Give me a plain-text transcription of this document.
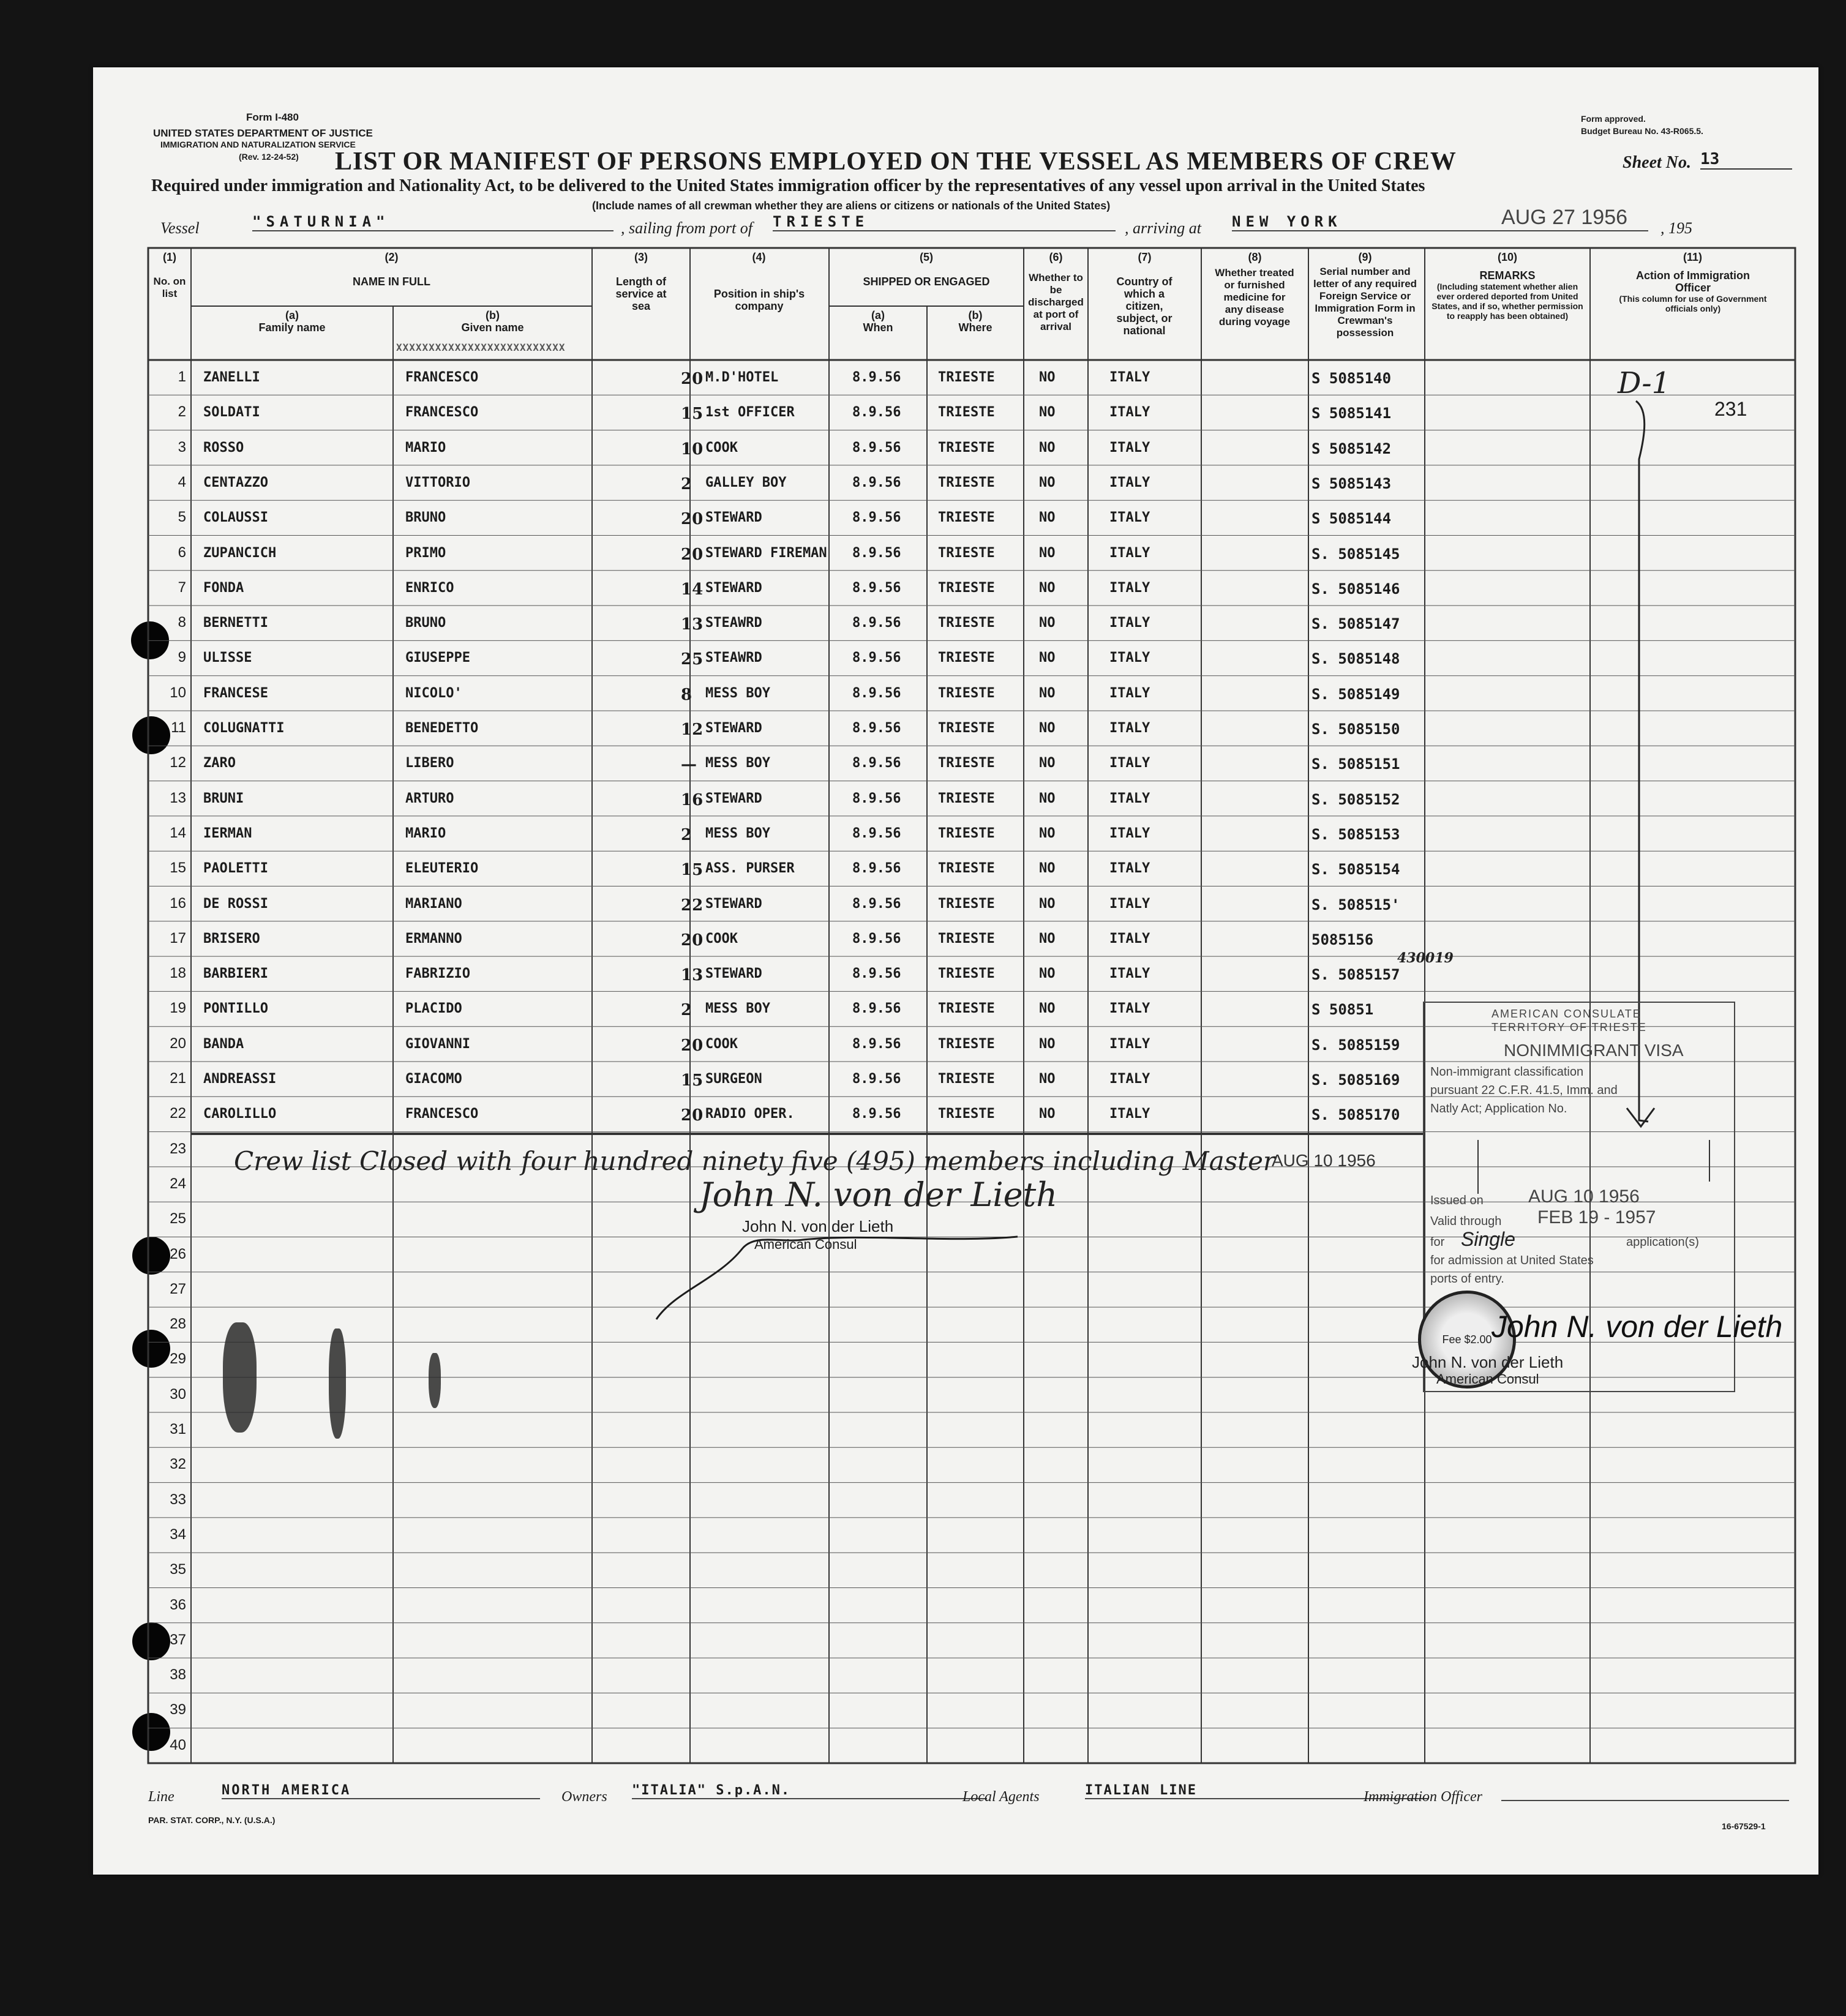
Form I-480
UNITED STATES DEPARTMENT OF JUSTICE
IMMIGRATION AND NATURALIZATION SERVICE
(Rev. 12-24-52)
Form approved.
Budget Bureau No. 43-R065.5.
LIST OR MANIFEST OF PERSONS EMPLOYED ON THE VESSEL AS MEMBERS OF CREW	Sheet No. 13
Required under immigration and Nationality Act, to be delivered to the United States immigration officer by the representatives of any vessel upon arrival in the United States
(Include names of all crewman whether they are aliens or citizens or nationals of the United States)
Vessel	"SATURNIA"	, sailing from port of TRIESTE	, arriving at NEW YORK	AUG 27 1956 , 195
(1)
No. on list
(2)
NAME IN FULL
(a)
Family name
(b)
Given name
(3)
Length of service at sea
(4)
Position in ship's company
(5)
SHIPPED OR ENGAGED
(a)
When
(b)
Where
(6)
Whether to be discharged at port of arrival
(7)
Country of which a citizen, subject, or national
(8)
Whether treated or furnished medicine for any disease during voyage
(9)
Serial number and letter of any required Foreign Service or Immigration Form in Crewman's possession
(10)
REMARKS
(Including statement whether alien ever ordered deported from United States, and if so, whether permission to reapply has been obtained)
(11)
Action of Immigration Officer
(This column for use of Government officials only)
XXXXXXXXXXXXXXXXXXXXXXXXXX
1 ZANELLI	FRANCESCO	20 M.D'HOTEL	8.9.56	TRIESTE	NO	ITALY	S 5085140
2 SOLDATI	FRANCESCO	15 1st OFFICER	8.9.56	TRIESTE	NO	ITALY	S 5085141
3 ROSSO	MARIO	10 COOK	8.9.56	TRIESTE	NO	ITALY	S 5085142
4 CENTAZZO	VITTORIO	2 GALLEY BOY	8.9.56	TRIESTE	NO	ITALY	S 5085143
5 COLAUSSI	BRUNO	20 STEWARD	8.9.56	TRIESTE	NO	ITALY	S 5085144
6 ZUPANCICH	PRIMO	20 STEWARD FIREMAN 8.9.56	TRIESTE	NO	ITALY	S. 5085145
7 FONDA	ENRICO	14 STEWARD	8.9.56	TRIESTE	NO	ITALY	S. 5085146
8 BERNETTI	BRUNO	13 STEAWRD	8.9.56	TRIESTE	NO	ITALY	S. 5085147
9 ULISSE	GIUSEPPE	25 STEAWRD	8.9.56	TRIESTE	NO	ITALY	S. 5085148
10 FRANCESE	NICOLO'	8 MESS BOY	8.9.56	TRIESTE	NO	ITALY	S. 5085149
11 COLUGNATTI	BENEDETTO	12 STEWARD	8.9.56	TRIESTE	NO	ITALY	S. 5085150
12 ZARO	LIBERO	— MESS BOY	8.9.56	TRIESTE	NO	ITALY	S. 5085151
13 BRUNI	ARTURO	16 STEWARD	8.9.56	TRIESTE	NO	ITALY	S. 5085152
14 IERMAN	MARIO	2 MESS BOY	8.9.56	TRIESTE	NO	ITALY	S. 5085153
15 PAOLETTI	ELEUTERIO	15 ASS. PURSER	8.9.56	TRIESTE	NO	ITALY	S. 5085154
16 DE ROSSI	MARIANO	22 STEWARD	8.9.56	TRIESTE	NO	ITALY	S. 508515'
17 BRISERO	ERMANNO	20 COOK	8.9.56	TRIESTE	NO	ITALY	5085156
18 BARBIERI	FABRIZIO	13 STEWARD	8.9.56	TRIESTE	NO	ITALY	S. 5085157
430019
19 PONTILLO	PLACIDO	2 MESS BOY	8.9.56	TRIESTE	NO	ITALY	S 50851
20 BANDA	GIOVANNI	20 COOK	8.9.56	TRIESTE	NO	ITALY	S. 5085159
21 ANDREASSI	GIACOMO	15 SURGEON	8.9.56	TRIESTE	NO	ITALY	S. 5085169
22 CAROLILLO	FRANCESCO	20 RADIO OPER.	8.9.56	TRIESTE	NO	ITALY	S. 5085170
23
24
25
26
27
28
29
30
31
32
33
34
35
36
37
38
39
40
D-1
231
Crew list Closed with four hundred ninety five (495) members including Master
AUG 10 1956
John N. von der Lieth
John N. von der Lieth
American Consul
AMERICAN CONSULATE
TERRITORY OF TRIESTE
NONIMMIGRANT VISA
Non-immigrant classification
pursuant 22 C.F.R. 41.5, Imm. and
Natly Act; Application No.
Issued on AUG 10 1956
Valid through FEB 19 - 1957
for Single	application(s)
for admission at United States
ports of entry.
Fee $2.00 John N. von der Lieth
John N. von der Lieth
American Consul
Line	NORTH AMERICA	Owners "ITALIA" S.p.A.N.	Local Agents	ITALIAN LINE	Immigration Officer
PAR. STAT. CORP., N.Y. (U.S.A.)
16-67529-1
